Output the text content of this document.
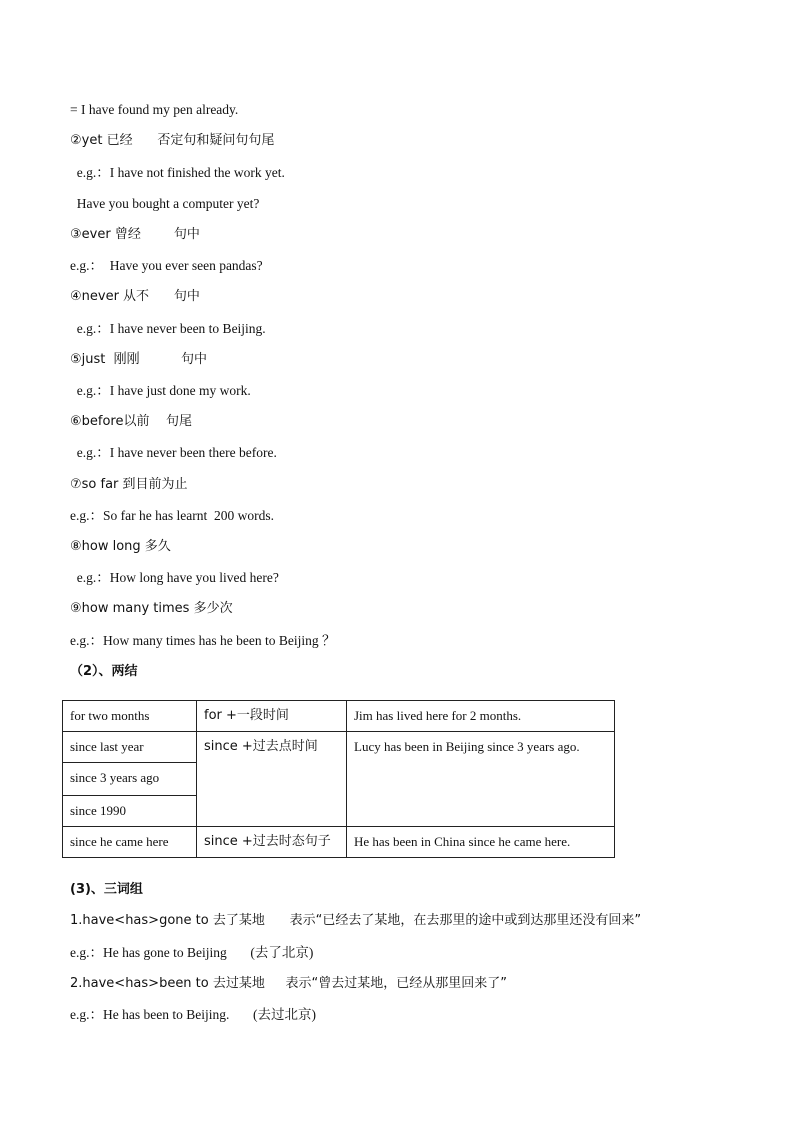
= I have found my pen already.
②yet 已经      否定句和疑问句句尾
e.g.：I have not finished the work yet.
Have you bought a computer yet?
③ever 曾经        句中
e.g.：  Have you ever seen pandas?
④never 从不      句中
e.g.：I have never been to Beijing.
⑤just  刚刚          句中
e.g.：I have just done my work.
⑥before以前    句尾
e.g.：I have never been there before.
⑦so far 到目前为止
e.g.：So far he has learnt  200 words.
⑧how long 多久
e.g.：How long have you lived here?
⑨how many times 多少次
e.g.：How many times has he been to Beijing ？
（2）、两结
for two months	for +一段时间	Jim has lived here for 2 months.
since last year	since +过去点时间	Lucy has been in Beijing since 3 years ago.
since 3 years ago		
since 1990		
since he came here	since +过去时态句子	He has been in China since he came here.
(3)、三词组
1.have<has>gone to 去了某地      表示“已经去了某地，在去那里的途中或到达那里还没有回来”
e.g.：He has gone to Beijing       (去了北京)
2.have<has>been to 去过某地     表示“曾去过某地，已经从那里回来了”
e.g.：He has been to Beijing.       (去过北京)
